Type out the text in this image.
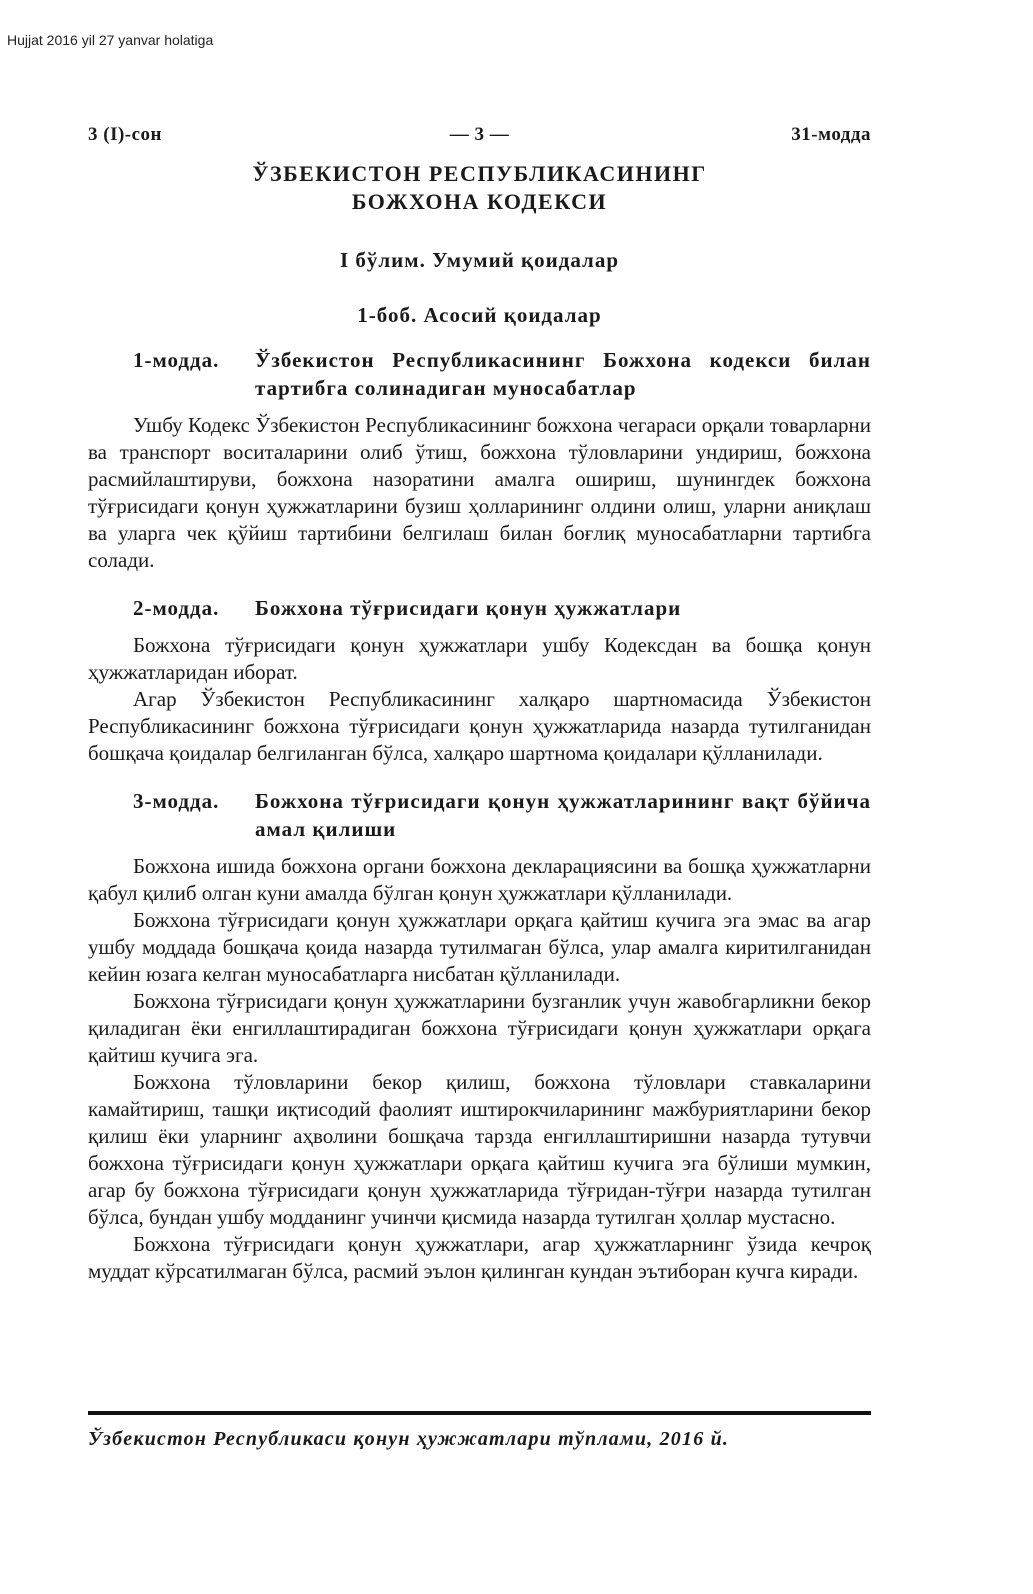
Hujjat 2016 yil 27 yanvar holatiga
3 (I)-сон	— 3 —	31-модда
ЎЗБЕКИСТОН РЕСПУБЛИКАСИНИНГ
БОЖХОНА КОДЕКСИ
I бўлим. Умумий қоидалар
1-боб. Асосий қоидалар
1-модда.	Ўзбекистон Республикасининг Божхона кодекси билан тартибга солинадиган муносабатлар

Ушбу Кодекс Ўзбекистон Республикасининг божхона чегараси орқали товарларни ва транспорт воситаларини олиб ўтиш, божхона тўловларини ундириш, божхона расмийлаштируви, божхона назоратини амалга ошириш, шунингдек божхона тўғрисидаги қонун ҳужжатларини бузиш ҳолларининг олдини олиш, уларни аниқлаш ва уларга чек қўйиш тартибини белгилаш билан боғлиқ муносабатларни тартибга солади.

2-модда.	Божхона тўғрисидаги қонун ҳужжатлари

Божхона тўғрисидаги қонун ҳужжатлари ушбу Кодексдан ва бошқа қонун ҳужжатларидан иборат.

Агар Ўзбекистон Республикасининг халқаро шартномасида Ўзбекистон Республикасининг божхона тўғрисидаги қонун ҳужжатларида назарда тутилганидан бошқача қоидалар белгиланган бўлса, халқаро шартнома қоидалари қўлланилади.

3-модда.	Божхона тўғрисидаги қонун ҳужжатларининг вақт бўйича амал қилиши

Божхона ишида божхона органи божхона декларациясини ва бошқа ҳужжатларни қабул қилиб олган куни амалда бўлган қонун ҳужжатлари қўлланилади.

Божхона тўғрисидаги қонун ҳужжатлари орқага қайтиш кучига эга эмас ва агар ушбу моддада бошқача қоида назарда тутилмаган бўлса, улар амалга киритилганидан кейин юзага келган муносабатларга нисбатан қўлланилади.

Божхона тўғрисидаги қонун ҳужжатларини бузганлик учун жавобгарликни бекор қиладиган ёки енгиллаштирадиган божхона тўғрисидаги қонун ҳужжатлари орқага қайтиш кучига эга.

Божхона тўловларини бекор қилиш, божхона тўловлари ставкаларини камайтириш, ташқи иқтисодий фаолият иштирокчиларининг мажбуриятларини бекор қилиш ёки уларнинг аҳволини бошқача тарзда енгиллаштиришни назарда тутувчи божхона тўғрисидаги қонун ҳужжатлари орқага қайтиш кучига эга бўлиши мумкин, агар бу божхона тўғрисидаги қонун ҳужжатларида тўғридан-тўғри назарда тутилган бўлса, бундан ушбу модданинг учинчи қисмида назарда тутилган ҳоллар мустасно.

Божхона тўғрисидаги қонун ҳужжатлари, агар ҳужжатларнинг ўзида кечроқ муддат кўрсатилмаган бўлса, расмий эълон қилинган кундан эътиборан кучга киради.

Ўзбекистон Республикаси қонун ҳужжатлари тўплами, 2016 й.
